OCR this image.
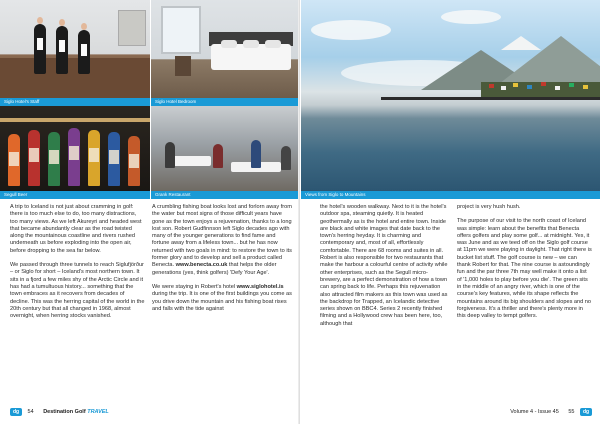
Siglo Hotel's Staff	Siglo Hotel Bedroom
Segull Beer	Grank Restaurant

A trip to Iceland is not just about cramming in golf: there is too much else to do, too many distractions, too many views. As we left Akureyri and headed west that became abundantly clear as the road twisted along the mountainous coastline and rivers rushed underneath us before exploding into the open air, before dropping to the sea far below.

We passed through three tunnels to reach Siglufjörður – or Siglo for short – Iceland's most northern town. It sits in a fjord a few miles shy of the Arctic Circle and it has had a tumultuous history... something that the town embraces as it recovers from decades of decline. This was the herring capital of the world in the 20th century but that all changed in 1968, almost overnight, when herring stocks vanished.

A crumbling fishing boat looks lost and forlorn away from the water but most signs of those difficult years have gone as the town enjoys a rejuvenation, thanks to a long lost son. Robert Gudfinnson left Siglo decades ago with many of the younger generations to find fame and fortune away from a lifeless town... but he has now returned with two goals in mind: to restore the town to its former glory and to develop and sell a product called Benecta. www.benecta.co.uk that helps the older generations (yes, think golfers) 'Defy Your Age'.

We were staying in Robert's hotel www.siglohotel.is during the trip. It is one of the first buildings you come as you drive down the mountain and his fishing boat rises and falls with the tide against

dg 54 Destination Golf TRAVEL
Views from Siglo to Mountains

the hotel's wooden walkway. Next to it is the hotel's outdoor spa, steaming quietly. It is heated geothermally as is the hotel and entire town. Inside are black and white images that date back to the town's herring heyday. It is charming and contemporary and, most of all, effortlessly comfortable. There are 68 rooms and suites in all. Robert is also responsible for two restaurants that make the harbour a colourful centre of activity while other enterprises, such as the Segull micro-brewery, are a perfect demonstration of how a town can spring back to life. Perhaps this rejuvenation also attracted film makers as this town was used as the backdrop for Trapped, an Icelandic detective series shown on BBC4. Series 2 recently finished filming and a Hollywood crew has been here, too, although that

project is very hush hush.

The purpose of our visit to the north coast of Iceland was simple: learn about the benefits that Benecta offers golfers and play some golf... at midnight. Yes, it was June and as we teed off on the Siglo golf course at 11pm we were playing in daylight. That right there is bucket list stuff. The golf course is new – we can thank Robert for that. The nine course is astoundingly fun and the par three 7th may well make it onto a list of '1,000 holes to play before you die'. The green sits in the middle of an angry river, which is one of the course's key features, while its shape reflects the mountains around its big shoulders and slopes and no forgiveness. It's a thriller and there's plenty more in this deep valley to tempt golfers.

Volume 4 - Issue 45 55 dg
